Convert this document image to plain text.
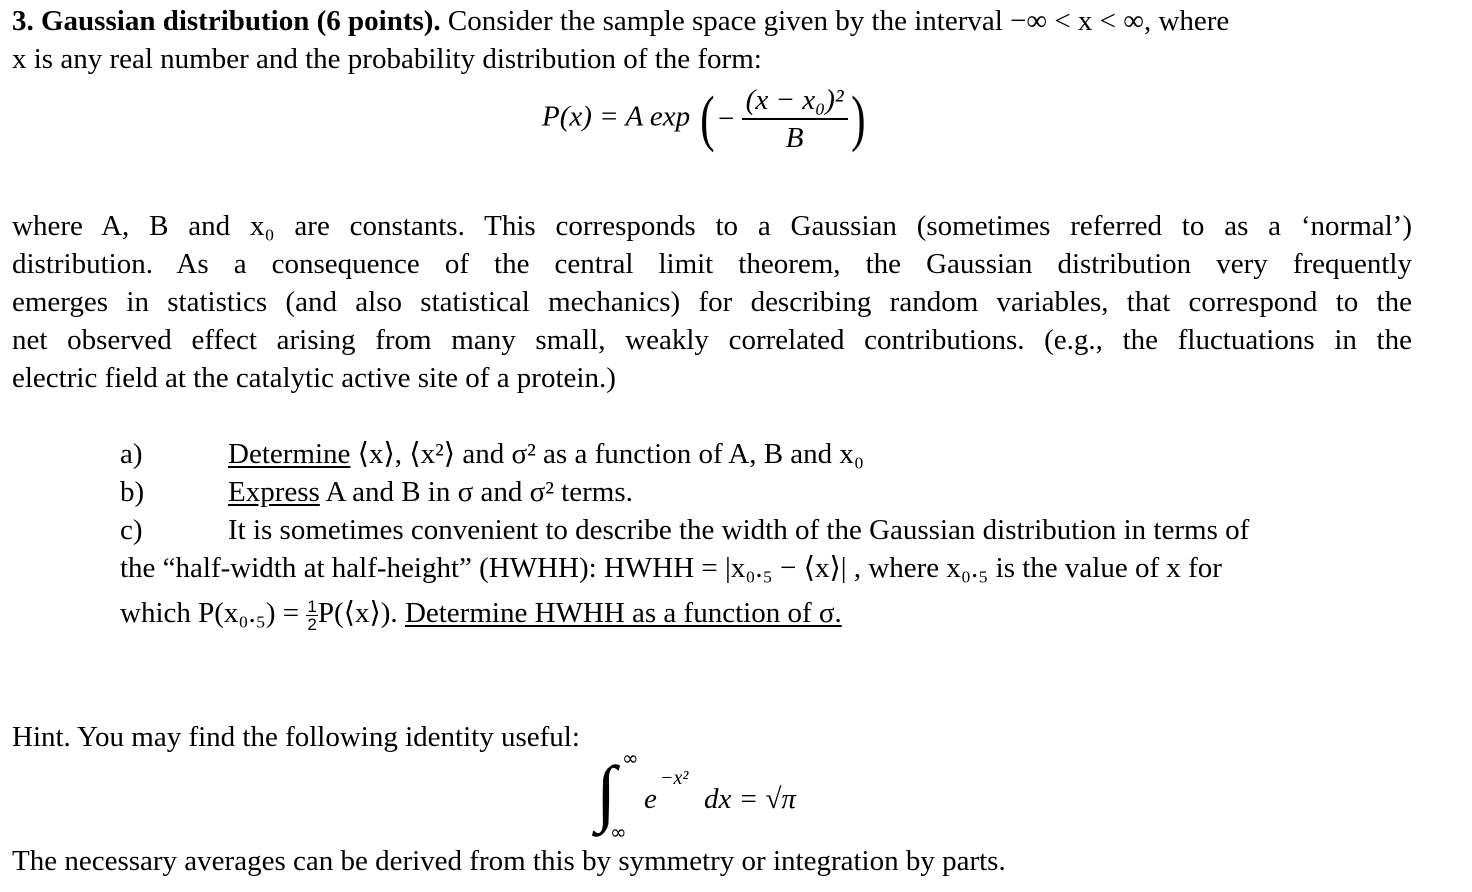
3. Gaussian distribution (6 points). Consider the sample space given by the interval −∞ < x < ∞, where
x is any real number and the probability distribution of the form:
P(x) = A exp ( − $\frac{\text{(x − x₀)²}}{B}$ )
where A, B and x₀ are constants. This corresponds to a Gaussian (sometimes referred to as a ‘normal’)
distribution. As a consequence of the central limit theorem, the Gaussian distribution very frequently
emerges in statistics (and also statistical mechanics) for describing random variables, that correspond to the
net observed effect arising from many small, weakly correlated contributions. (e.g., the fluctuations in the
electric field at the catalytic active site of a protein.)
a)	Determine ⟨x⟩, ⟨x²⟩ and σ² as a function of A, B and x₀
b)	Express A and B in σ and σ² terms.
c)	It is sometimes convenient to describe the width of the Gaussian distribution in terms of
the “half-width at half-height” (HWHH): HWHH = |x₀.₅ − ⟨x⟩| , where x₀.₅ is the value of x for
which $P(x_0._5) = \frac{1}{2}$ P(⟨x⟩). Determine HWHH as a function of σ.
Hint. You may find the following identity useful:
∫ ∞
∞
e
−x²
dx = √π
The necessary averages can be derived from this by symmetry or integration by parts.
